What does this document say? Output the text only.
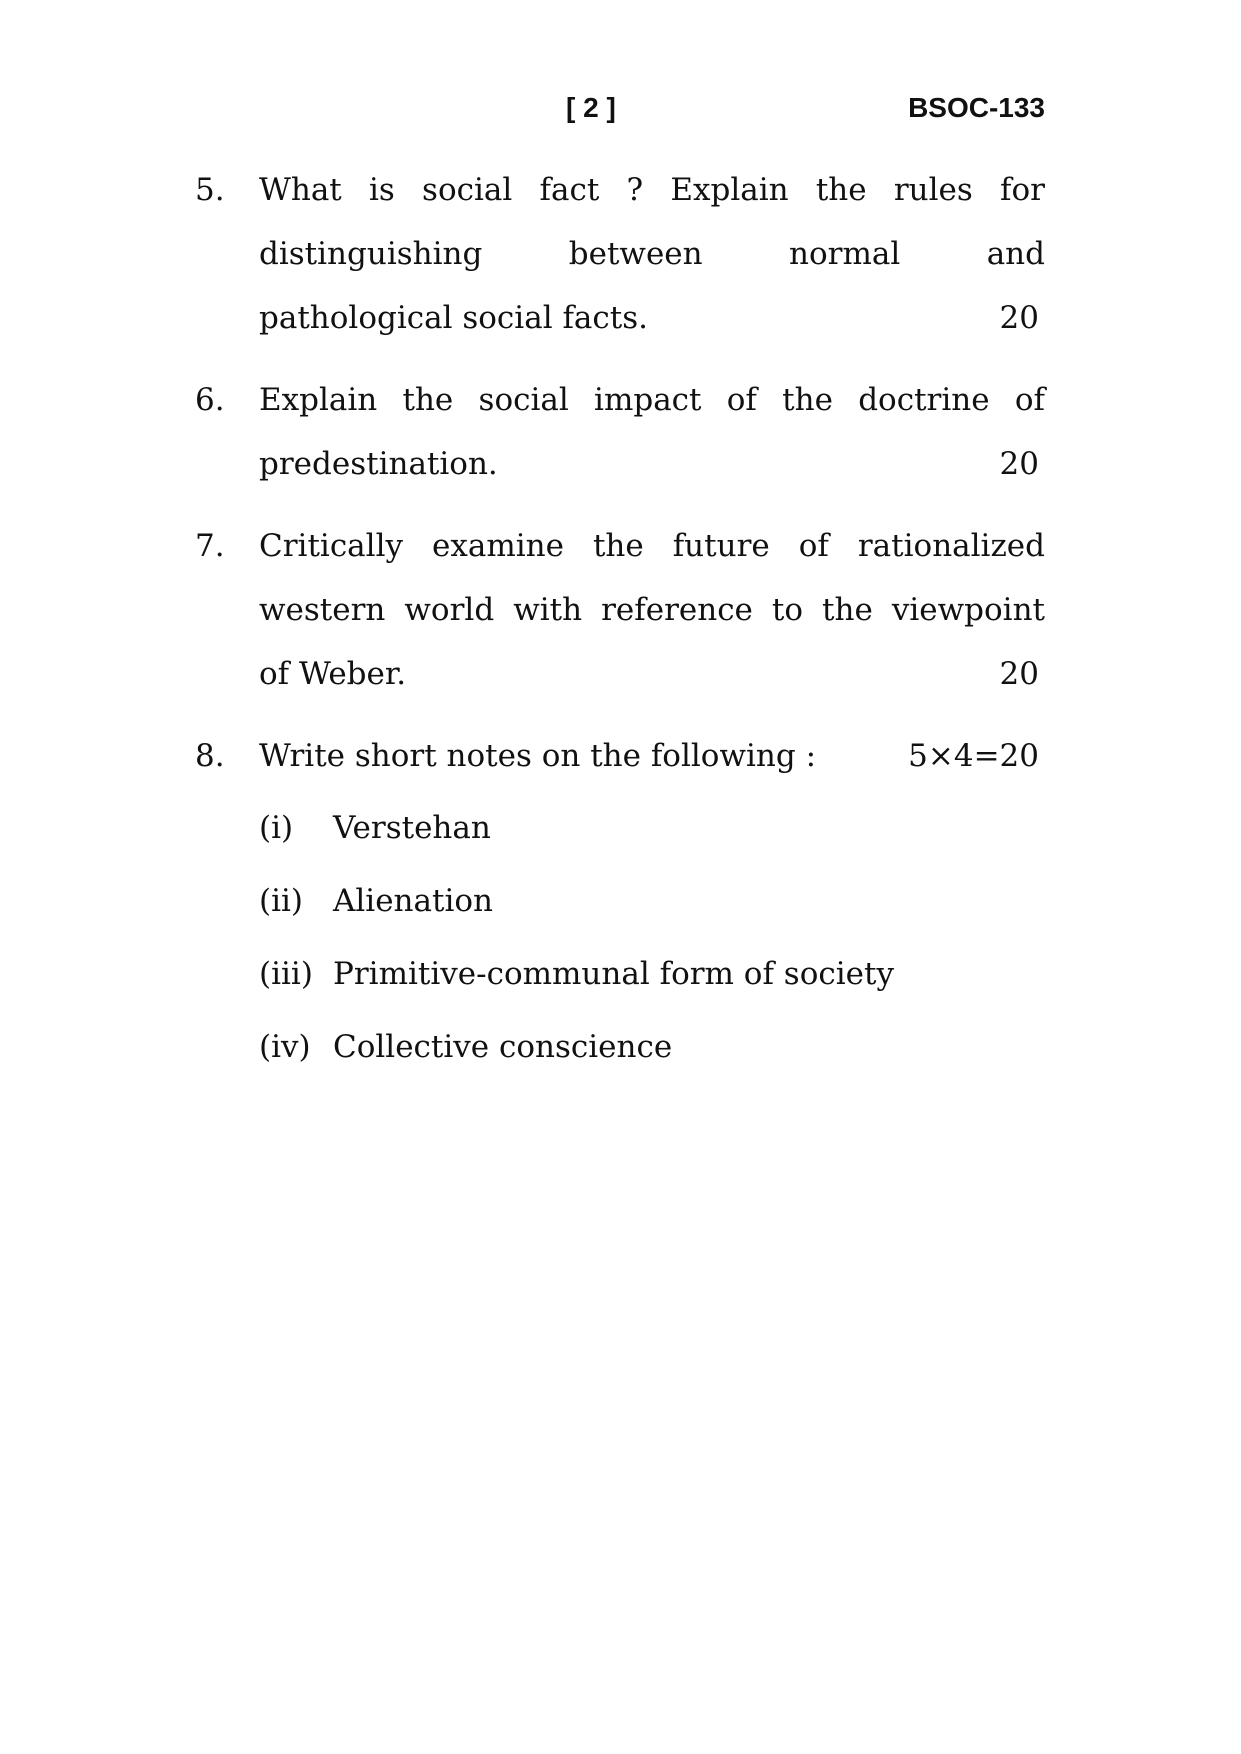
[ 2 ]	BSOC-133
5. What is social fact ? Explain the rules for distinguishing between normal and
pathological social facts.	20
6. Explain the social impact of the doctrine of
predestination.	20
7. Critically examine the future of rationalized western world with reference to the viewpoint
of Weber.	20
8. Write short notes on the following :	5×4=20
(i)	Verstehan
(ii) Alienation
(iii) Primitive-communal form of society
(iv) Collective conscience
